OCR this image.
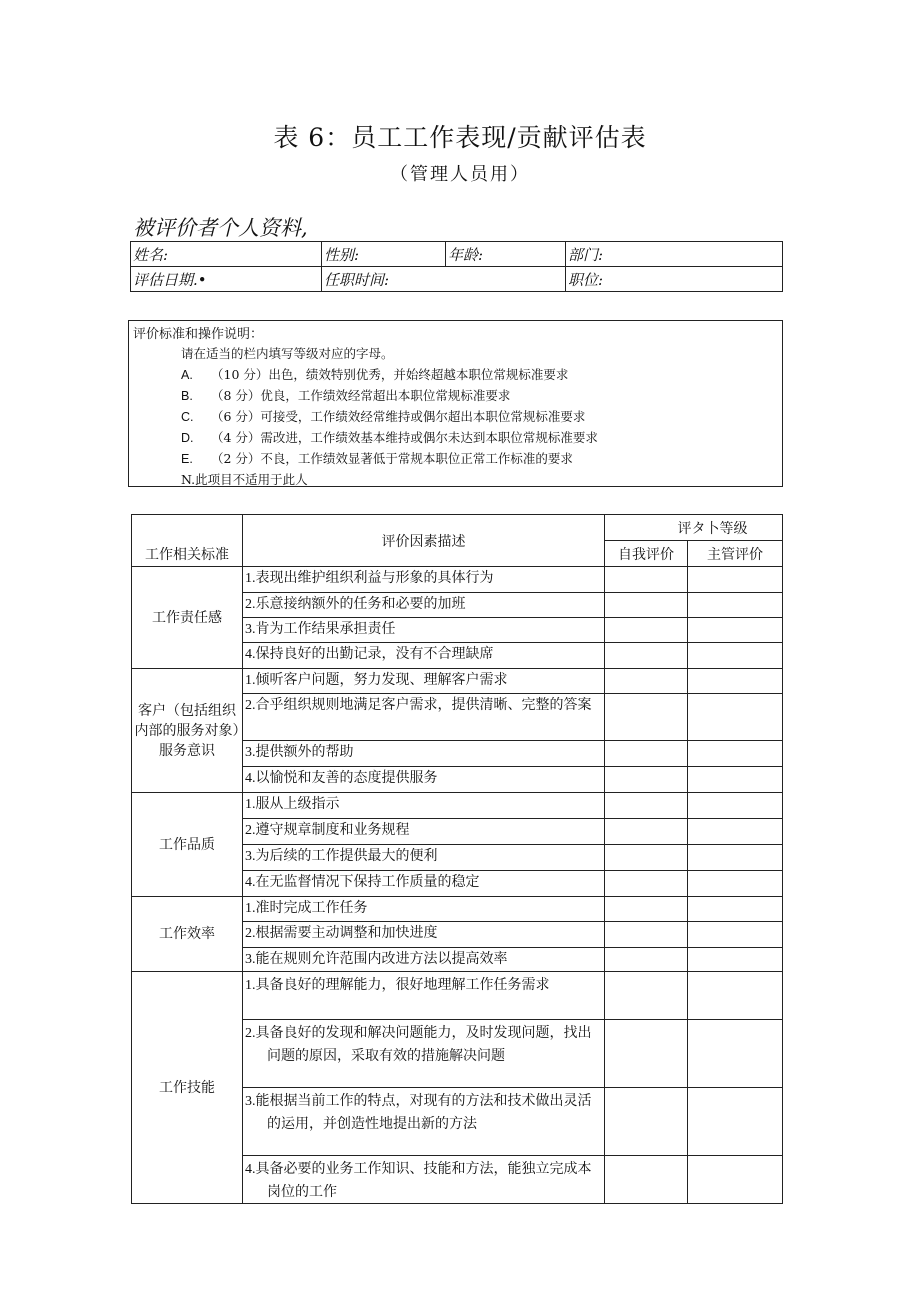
表 6：员工工作表现/贡献评估表
（管理人员用）
被评价者个人资料,
姓名:	性别:	年龄:	部门:
评估日期.•	任职时间:		职位:
评价标准和操作说明：
请在适当的栏内填写等级对应的字母。
A. （10 分）出色，绩效特别优秀，并始终超越本职位常规标准要求
B. （8 分）优良，工作绩效经常超出本职位常规标准要求
C. （6 分）可接受，工作绩效经常维持或偶尔超出本职位常规标准要求
D. （4 分）需改进，工作绩效基本维持或偶尔未达到本职位常规标准要求
E. （2 分）不良，工作绩效显著低于常规本职位正常工作标准的要求
N.此项目不适用于此人
工作相关标准	评价因素描述	评タ卜等级	
		自我评价	主管评价
工作责任感	1.表现出维护组织利益与形象的具体行为		
	2.乐意接纳额外的任务和必要的加班		
	3.肯为工作结果承担责任		
	4.保持良好的出勤记录，没有不合理缺席		
客户（包括组织内部的服务对象）服务意识	1.倾听客户问题，努力发现、理解客户需求		
	2.合乎组织规则地满足客户需求，提供清晰、完整的答案		
	3.提供额外的帮助		
	4.以愉悦和友善的态度提供服务		
工作品质	1.服从上级指示		
	2.遵守规章制度和业务规程		
	3.为后续的工作提供最大的便利		
	4.在无监督情况下保持工作质量的稳定		
工作效率	1.准时完成工作任务		
	2.根据需要主动调整和加快进度		
	3.能在规则允许范围内改进方法以提高效率		
工作技能	1.具备良好的理解能力，很好地理解工作任务需求		
	2.具备良好的发现和解决问题能力，及时发现问题，找出问题的原因，采取有效的措施解决问题		
	3.能根据当前工作的特点，对现有的方法和技术做出灵活的运用，并创造性地提出新的方法		
	4.具备必要的业务工作知识、技能和方法，能独立完成本岗位的工作		
